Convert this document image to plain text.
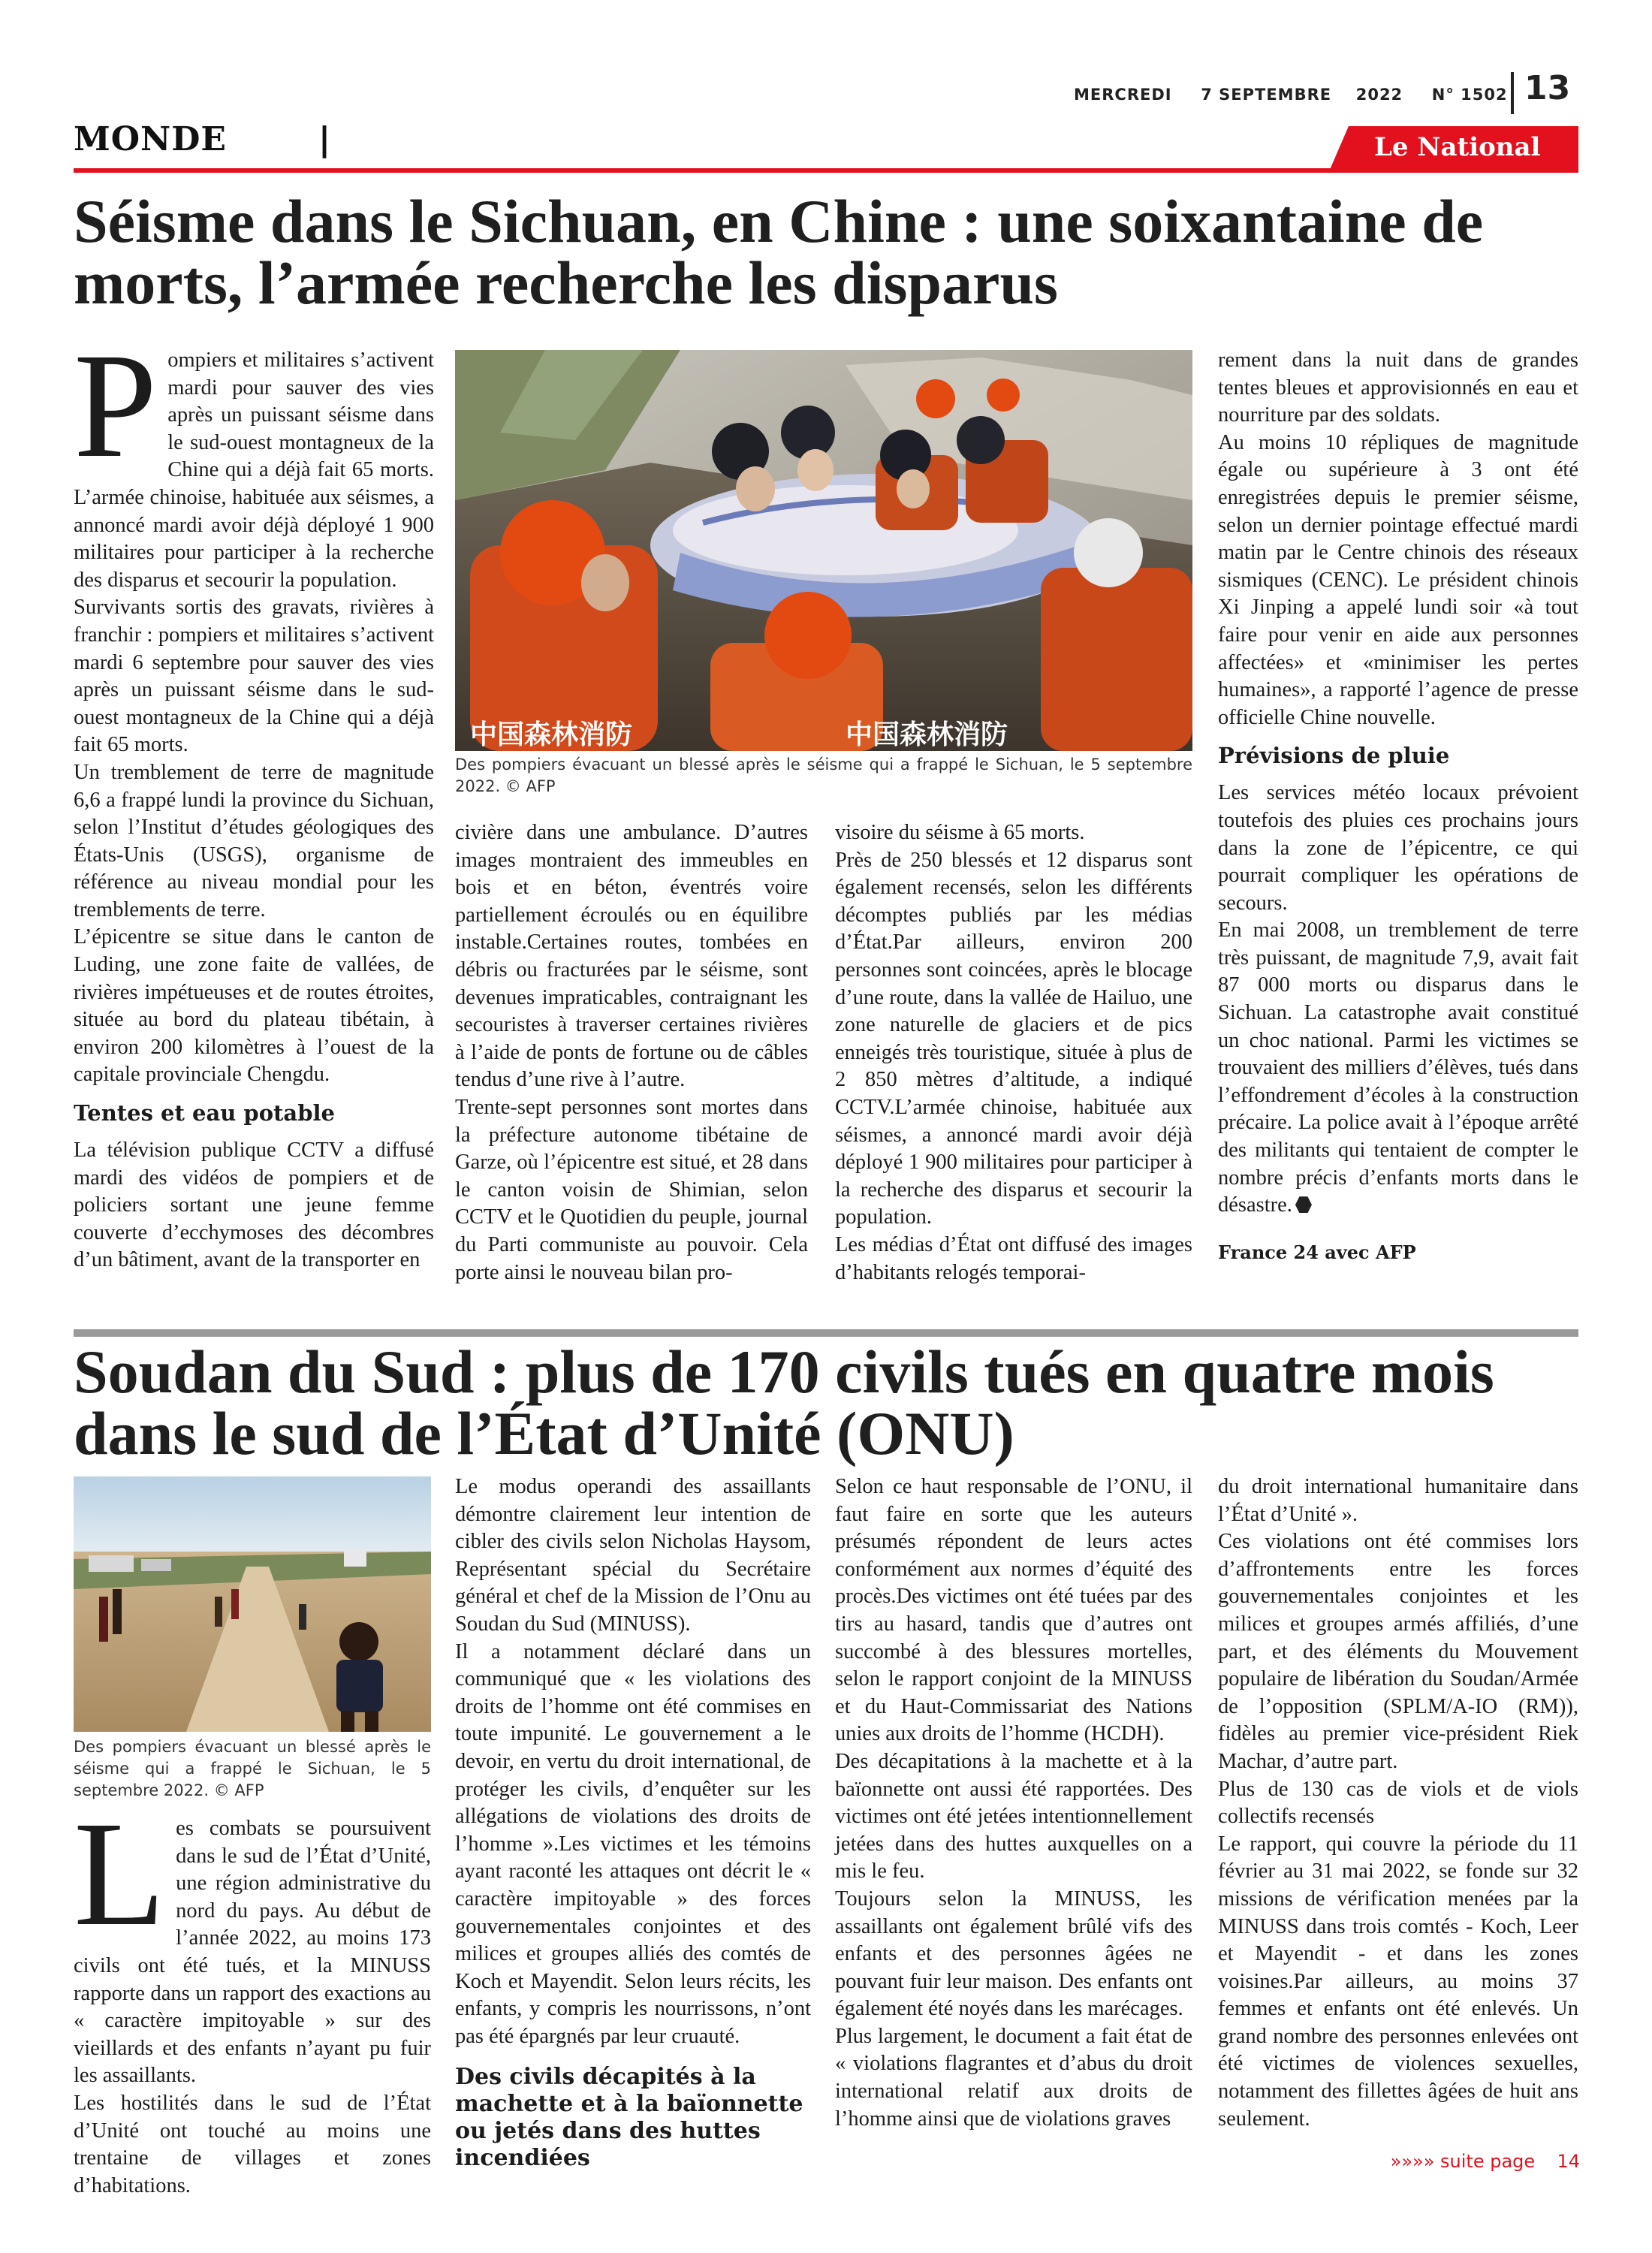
MERCREDI 7 SEPTEMBRE 2022 N° 1502 13
MONDE	|	Le National
Séisme dans le Sichuan, en Chine : une soixantaine de
morts, l’armée recherche les disparus

Pompiers et militaires s’activent mardi pour sauver des vies après un puissant séisme dans le sud-ouest montagneux de la Chine qui a déjà fait 65 morts. L’armée chinoise, habituée aux séismes, a annoncé mardi avoir déjà déployé 1 900 militaires pour participer à la recherche des disparus et secourir la population.

Survivants sortis des gravats, rivières à franchir : pompiers et militaires s’activent mardi 6 septembre pour sauver des vies après un puissant séisme dans le sud-ouest montagneux de la Chine qui a déjà fait 65 morts.

Un tremblement de terre de magnitude 6,6 a frappé lundi la province du Sichuan, selon l’Institut d’études géologiques des États-Unis (USGS), organisme de référence au niveau mondial pour les tremblements de terre.

L’épicentre se situe dans le canton de Luding, une zone faite de vallées, de rivières impétueuses et de routes étroites, située au bord du plateau tibétain, à environ 200 kilomètres à l’ouest de la capitale provinciale Chengdu.

Tentes et eau potable

La télévision publique CCTV a diffusé mardi des vidéos de pompiers et de policiers sortant une jeune femme couverte d’ecchymoses des décombres d’un bâtiment, avant de la transporter en

中国森林消防	中国森林消防
Des pompiers évacuant un blessé après le séisme qui a frappé le Sichuan, le 5 septembre 2022. © AFP

civière dans une ambulance. D’autres images montraient des immeubles en bois et en béton, éventrés voire partiellement écroulés ou en équilibre instable.Certaines routes, tombées en débris ou fracturées par le séisme, sont devenues impraticables, contraignant les secouristes à traverser certaines rivières à l’aide de ponts de fortune ou de câbles tendus d’une rive à l’autre.

Trente-sept personnes sont mortes dans la préfecture autonome tibétaine de Garze, où l’épicentre est situé, et 28 dans le canton voisin de Shimian, selon CCTV et le Quotidien du peuple, journal du Parti communiste au pouvoir. Cela porte ainsi le nouveau bilan pro-

visoire du séisme à 65 morts.

Près de 250 blessés et 12 disparus sont également recensés, selon les différents décomptes publiés par les médias d’État.Par ailleurs, environ 200 personnes sont coincées, après le blocage d’une route, dans la vallée de Hailuo, une zone naturelle de glaciers et de pics enneigés très touristique, située à plus de 2 850 mètres d’altitude, a indiqué CCTV.L’armée chinoise, habituée aux séismes, a annoncé mardi avoir déjà déployé 1 900 militaires pour participer à la recherche des disparus et secourir la population.

Les médias d’État ont diffusé des images d’habitants relogés temporai-

rement dans la nuit dans de grandes tentes bleues et approvisionnés en eau et nourriture par des soldats.

Au moins 10 répliques de magnitude égale ou supérieure à 3 ont été enregistrées depuis le premier séisme, selon un dernier pointage effectué mardi matin par le Centre chinois des réseaux sismiques (CENC). Le président chinois Xi Jinping a appelé lundi soir «à tout faire pour venir en aide aux personnes affectées» et «minimiser les pertes humaines», a rapporté l’agence de presse officielle Chine nouvelle.

Prévisions de pluie

Les services météo locaux prévoient toutefois des pluies ces prochains jours dans la zone de l’épicentre, ce qui pourrait compliquer les opérations de secours.

En mai 2008, un tremblement de terre très puissant, de magnitude 7,9, avait fait 87 000 morts ou disparus dans le Sichuan. La catastrophe avait constitué un choc national. Parmi les victimes se trouvaient des milliers d’élèves, tués dans l’effondrement d’écoles à la construction précaire. La police avait à l’époque arrêté des militants qui tentaient de compter le nombre précis d’enfants morts dans le désastre.

France 24 avec AFP

Soudan du Sud : plus de 170 civils tués en quatre mois
dans le sud de l’État d’Unité (ONU)
Des pompiers évacuant un blessé après le séisme qui a frappé le Sichuan, le 5 septembre 2022. © AFP

Les combats se poursuivent dans le sud de l’État d’Unité, une région administrative du nord du pays. Au début de l’année 2022, au moins 173 civils ont été tués, et la MINUSS rapporte dans un rapport des exactions au « caractère impitoyable » sur des vieillards et des enfants n’ayant pu fuir les assaillants.

Les hostilités dans le sud de l’État d’Unité ont touché au moins une trentaine de villages et zones d’habitations.

Le modus operandi des assaillants démontre clairement leur intention de cibler des civils selon Nicholas Haysom, Représentant spécial du Secrétaire général et chef de la Mission de l’Onu au Soudan du Sud (MINUSS).

Il a notamment déclaré dans un communiqué que « les violations des droits de l’homme ont été commises en toute impunité. Le gouvernement a le devoir, en vertu du droit international, de protéger les civils, d’enquêter sur les allégations de violations des droits de l’homme ».Les victimes et les témoins ayant raconté les attaques ont décrit le « caractère impitoyable » des forces gouvernementales conjointes et des milices et groupes alliés des comtés de Koch et Mayendit. Selon leurs récits, les enfants, y compris les nourrissons, n’ont pas été épargnés par leur cruauté.

Des civils décapités à la machette et à la baïonnette ou jetés dans des huttes incendiées

Selon ce haut responsable de l’ONU, il faut faire en sorte que les auteurs présumés répondent de leurs actes conformément aux normes d’équité des procès.Des victimes ont été tuées par des tirs au hasard, tandis que d’autres ont succombé à des blessures mortelles, selon le rapport conjoint de la MINUSS et du Haut-Commissariat des Nations unies aux droits de l’homme (HCDH).

Des décapitations à la machette et à la baïonnette ont aussi été rapportées. Des victimes ont été jetées intentionnellement jetées dans des huttes auxquelles on a mis le feu.

Toujours selon la MINUSS, les assaillants ont également brûlé vifs des enfants et des personnes âgées ne pouvant fuir leur maison. Des enfants ont également été noyés dans les marécages.

Plus largement, le document a fait état de « violations flagrantes et d’abus du droit international relatif aux droits de l’homme ainsi que de violations graves

du droit international humanitaire dans l’État d’Unité ».

Ces violations ont été commises lors d’affrontements entre les forces gouvernementales conjointes et les milices et groupes armés affiliés, d’une part, et des éléments du Mouvement populaire de libération du Soudan/Armée de l’opposition (SPLM/A-IO (RM)), fidèles au premier vice-président Riek Machar, d’autre part.

Plus de 130 cas de viols et de viols collectifs recensés

Le rapport, qui couvre la période du 11 février au 31 mai 2022, se fonde sur 32 missions de vérification menées par la MINUSS dans trois comtés - Koch, Leer et Mayendit - et dans les zones voisines.Par ailleurs, au moins 37 femmes et enfants ont été enlevés. Un grand nombre des personnes enlevées ont été victimes de violences sexuelles, notamment des fillettes âgées de huit ans seulement.

»»»» suite page 14
